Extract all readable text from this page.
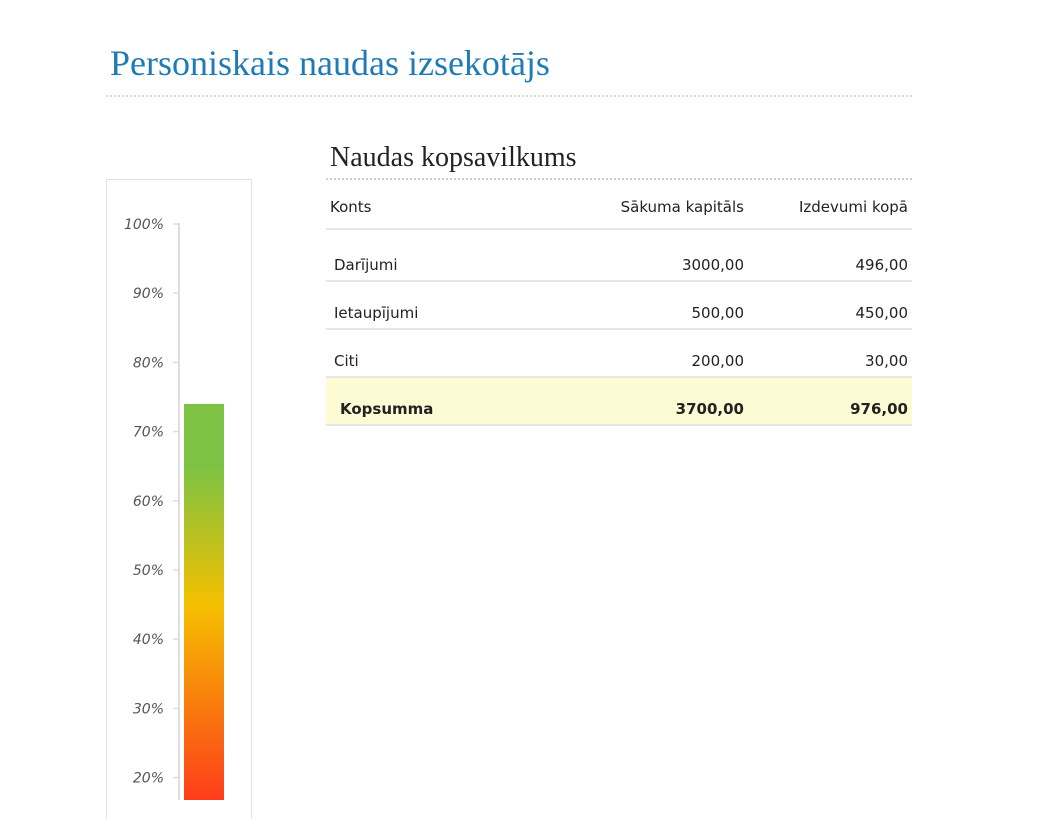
Personiskais naudas izsekotājs
100%
90%
80%
70%
60%
50%
40%
30%
20%
Naudas kopsavilkums
Konts	Sākuma kapitāls	Izdevumi kopā
Darījumi	3000,00	496,00
Ietaupījumi	500,00	450,00
Citi	200,00	30,00
Kopsumma	3700,00	976,00
